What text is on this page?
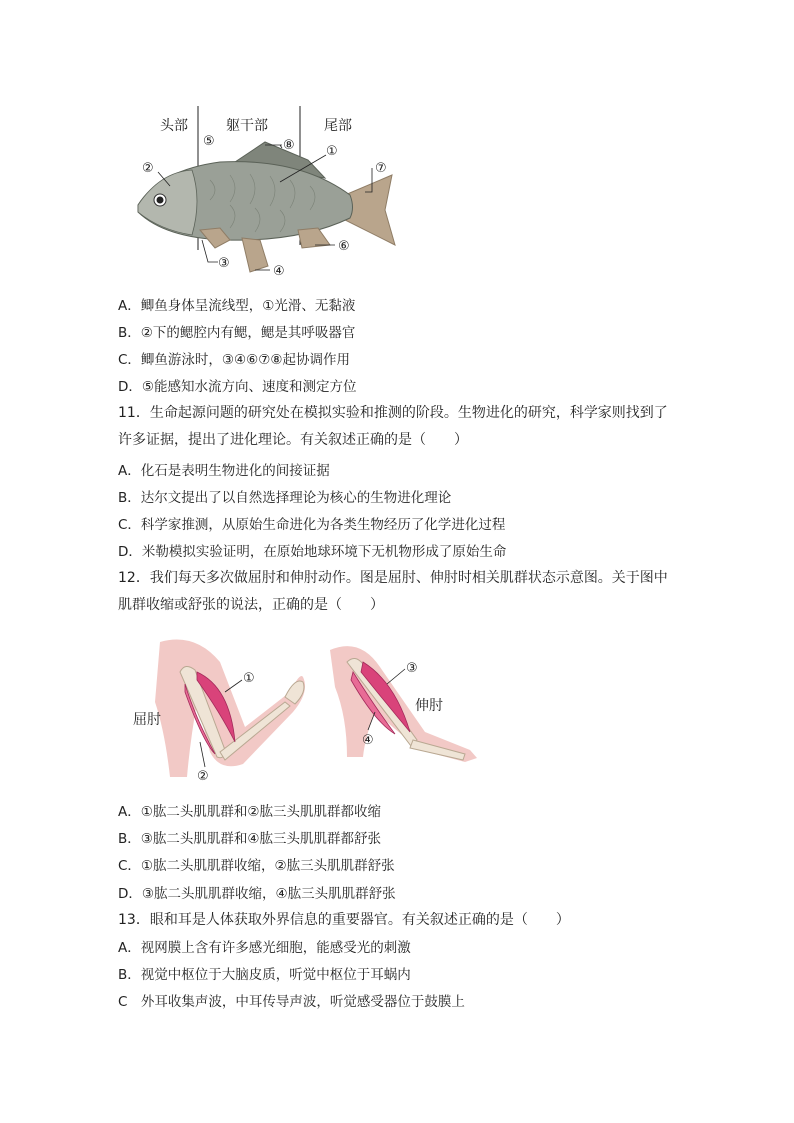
头部	躯干部	尾部
⑤	⑧ ①
②	⑦
⑥
③
④
A．鲫鱼身体呈流线型，①光滑、无黏液
B．②下的鳃腔内有鳃，鳃是其呼吸器官
C．鲫鱼游泳时，③④⑥⑦⑧起协调作用
D．⑤能感知水流方向、速度和测定方位
11．生命起源问题的研究处在模拟实验和推测的阶段。生物进化的研究，科学家则找到了许多证据，提出了进化理论。有关叙述正确的是（　　）
A．化石是表明生物进化的间接证据
B．达尔文提出了以自然选择理论为核心的生物进化理论
C．科学家推测，从原始生命进化为各类生物经历了化学进化过程
D．米勒模拟实验证明，在原始地球环境下无机物形成了原始生命
12．我们每天多次做屈肘和伸肘动作。图是屈肘、伸肘时相关肌群状态示意图。关于图中肌群收缩或舒张的说法，正确的是（　　）
①
②
③
④
屈肘
伸肘
A．①肱二头肌肌群和②肱三头肌肌群都收缩
B．③肱二头肌肌群和④肱三头肌肌群都舒张
C．①肱二头肌肌群收缩，②肱三头肌肌群舒张
D．③肱二头肌肌群收缩，④肱三头肌肌群舒张
13．眼和耳是人体获取外界信息的重要器官。有关叙述正确的是（　　）
A．视网膜上含有许多感光细胞，能感受光的刺激
B．视觉中枢位于大脑皮质，听觉中枢位于耳蜗内
C　外耳收集声波，中耳传导声波，听觉感受器位于鼓膜上
